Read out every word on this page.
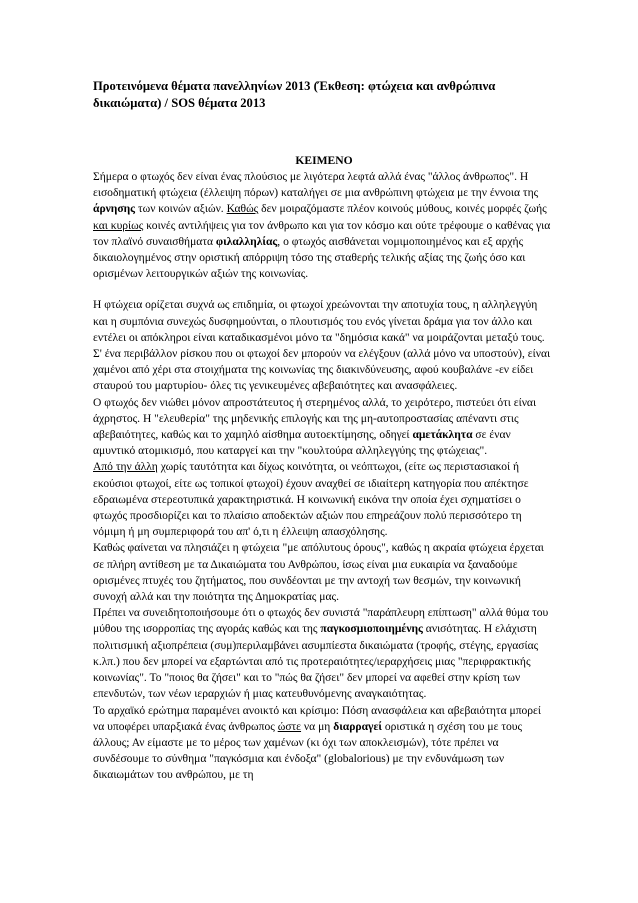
Προτεινόμενα θέματα πανελληνίων 2013 (Έκθεση: φτώχεια και ανθρώπινα δικαιώματα) / SOS θέματα 2013
ΚΕΙΜΕΝΟ

Σήμερα ο φτωχός δεν είναι ένας πλούσιος με λιγότερα λεφτά αλλά ένας "άλλος άνθρωπος". Η εισοδηματική φτώχεια (έλλειψη πόρων) καταλήγει σε μια ανθρώπινη φτώχεια με την έννοια της άρνησης των κοινών αξιών. Καθώς δεν μοιραζόμαστε πλέον κοινούς μύθους, κοινές μορφές ζωής και κυρίως κοινές αντιλήψεις για τον άνθρωπο και για τον κόσμο και ούτε τρέφουμε ο καθένας για τον πλαϊνό συναισθήματα φιλαλληλίας, ο φτωχός αισθάνεται νομιμοποιημένος και εξ αρχής δικαιολογημένος στην οριστική απόρριψη τόσο της σταθερής τελικής αξίας της ζωής όσο και ορισμένων λειτουργικών αξιών της κοινωνίας.

Η φτώχεια ορίζεται συχνά ως επιδημία, οι φτωχοί χρεώνονται την αποτυχία τους, η αλληλεγγύη και η συμπόνια συνεχώς δυσφημούνται, ο πλουτισμός του ενός γίνεται δράμα για τον άλλο και εντέλει οι απόκληροι είναι καταδικασμένοι μόνο τα "δημόσια κακά" να μοιράζονται μεταξύ τους. Σ' ένα περιβάλλον ρίσκου που οι φτωχοί δεν μπορούν να ελέγξουν (αλλά μόνο να υποστούν), είναι χαμένοι από χέρι στα στοιχήματα της κοινωνίας της διακινδύνευσης, αφού κουβαλάνε -εν είδει σταυρού του μαρτυρίου- όλες τις γενικευμένες αβεβαιότητες και ανασφάλειες.

Ο φτωχός δεν νιώθει μόνον απροστάτευτος ή στερημένος αλλά, το χειρότερο, πιστεύει ότι είναι άχρηστος. Η "ελευθερία" της μηδενικής επιλογής και της μη-αυτοπροστασίας απέναντι στις αβεβαιότητες, καθώς και το χαμηλό αίσθημα αυτοεκτίμησης, οδηγεί αμετάκλητα σε έναν αμυντικό ατομικισμό, που καταργεί και την "κουλτούρα αλληλεγγύης της φτώχειας".

Από την άλλη χωρίς ταυτότητα και δίχως κοινότητα, οι νεόπτωχοι, (είτε ως περιστασιακοί ή εκούσιοι φτωχοί, είτε ως τοπικοί φτωχοί) έχουν αναχθεί σε ιδιαίτερη κατηγορία που απέκτησε εδραιωμένα στερεοτυπικά χαρακτηριστικά. Η κοινωνική εικόνα την οποία έχει σχηματίσει ο φτωχός προσδιορίζει και το πλαίσιο αποδεκτών αξιών που επηρεάζουν πολύ περισσότερο τη νόμιμη ή μη συμπεριφορά του απ' ό,τι η έλλειψη απασχόλησης.

Καθώς φαίνεται να πλησιάζει η φτώχεια "με απόλυτους όρους", καθώς η ακραία φτώχεια έρχεται σε πλήρη αντίθεση με τα Δικαιώματα του Ανθρώπου, ίσως είναι μια ευκαιρία να ξαναδούμε ορισμένες πτυχές του ζητήματος, που συνδέονται με την αντοχή των θεσμών, την κοινωνική συνοχή αλλά και την ποιότητα της Δημοκρατίας μας.

Πρέπει να συνειδητοποιήσουμε ότι ο φτωχός δεν συνιστά "παράπλευρη επίπτωση" αλλά θύμα του μύθου της ισορροπίας της αγοράς καθώς και της παγκοσμιοποιημένης ανισότητας. Η ελάχιστη πολιτισμική αξιοπρέπεια (συμ)περιλαμβάνει ασυμπίεστα δικαιώματα (τροφής, στέγης, εργασίας κ.λπ.) που δεν μπορεί να εξαρτώνται από τις προτεραιότητες/ιεραρχήσεις μιας "περιφρακτικής κοινωνίας". Το "ποιος θα ζήσει" και το "πώς θα ζήσει" δεν μπορεί να αφεθεί στην κρίση των επενδυτών, των νέων ιεραρχιών ή μιας κατευθυνόμενης αναγκαιότητας.

Το αρχαϊκό ερώτημα παραμένει ανοικτό και κρίσιμο: Πόση ανασφάλεια και αβεβαιότητα μπορεί να υποφέρει υπαρξιακά ένας άνθρωπος ώστε να μη διαρραγεί οριστικά η σχέση του με τους άλλους; Αν είμαστε με το μέρος των χαμένων (κι όχι των αποκλεισμών), τότε πρέπει να συνδέσουμε το σύνθημα "παγκόσμια και ένδοξα" (globalorious) με την ενδυνάμωση των δικαιωμάτων του ανθρώπου, με τη
